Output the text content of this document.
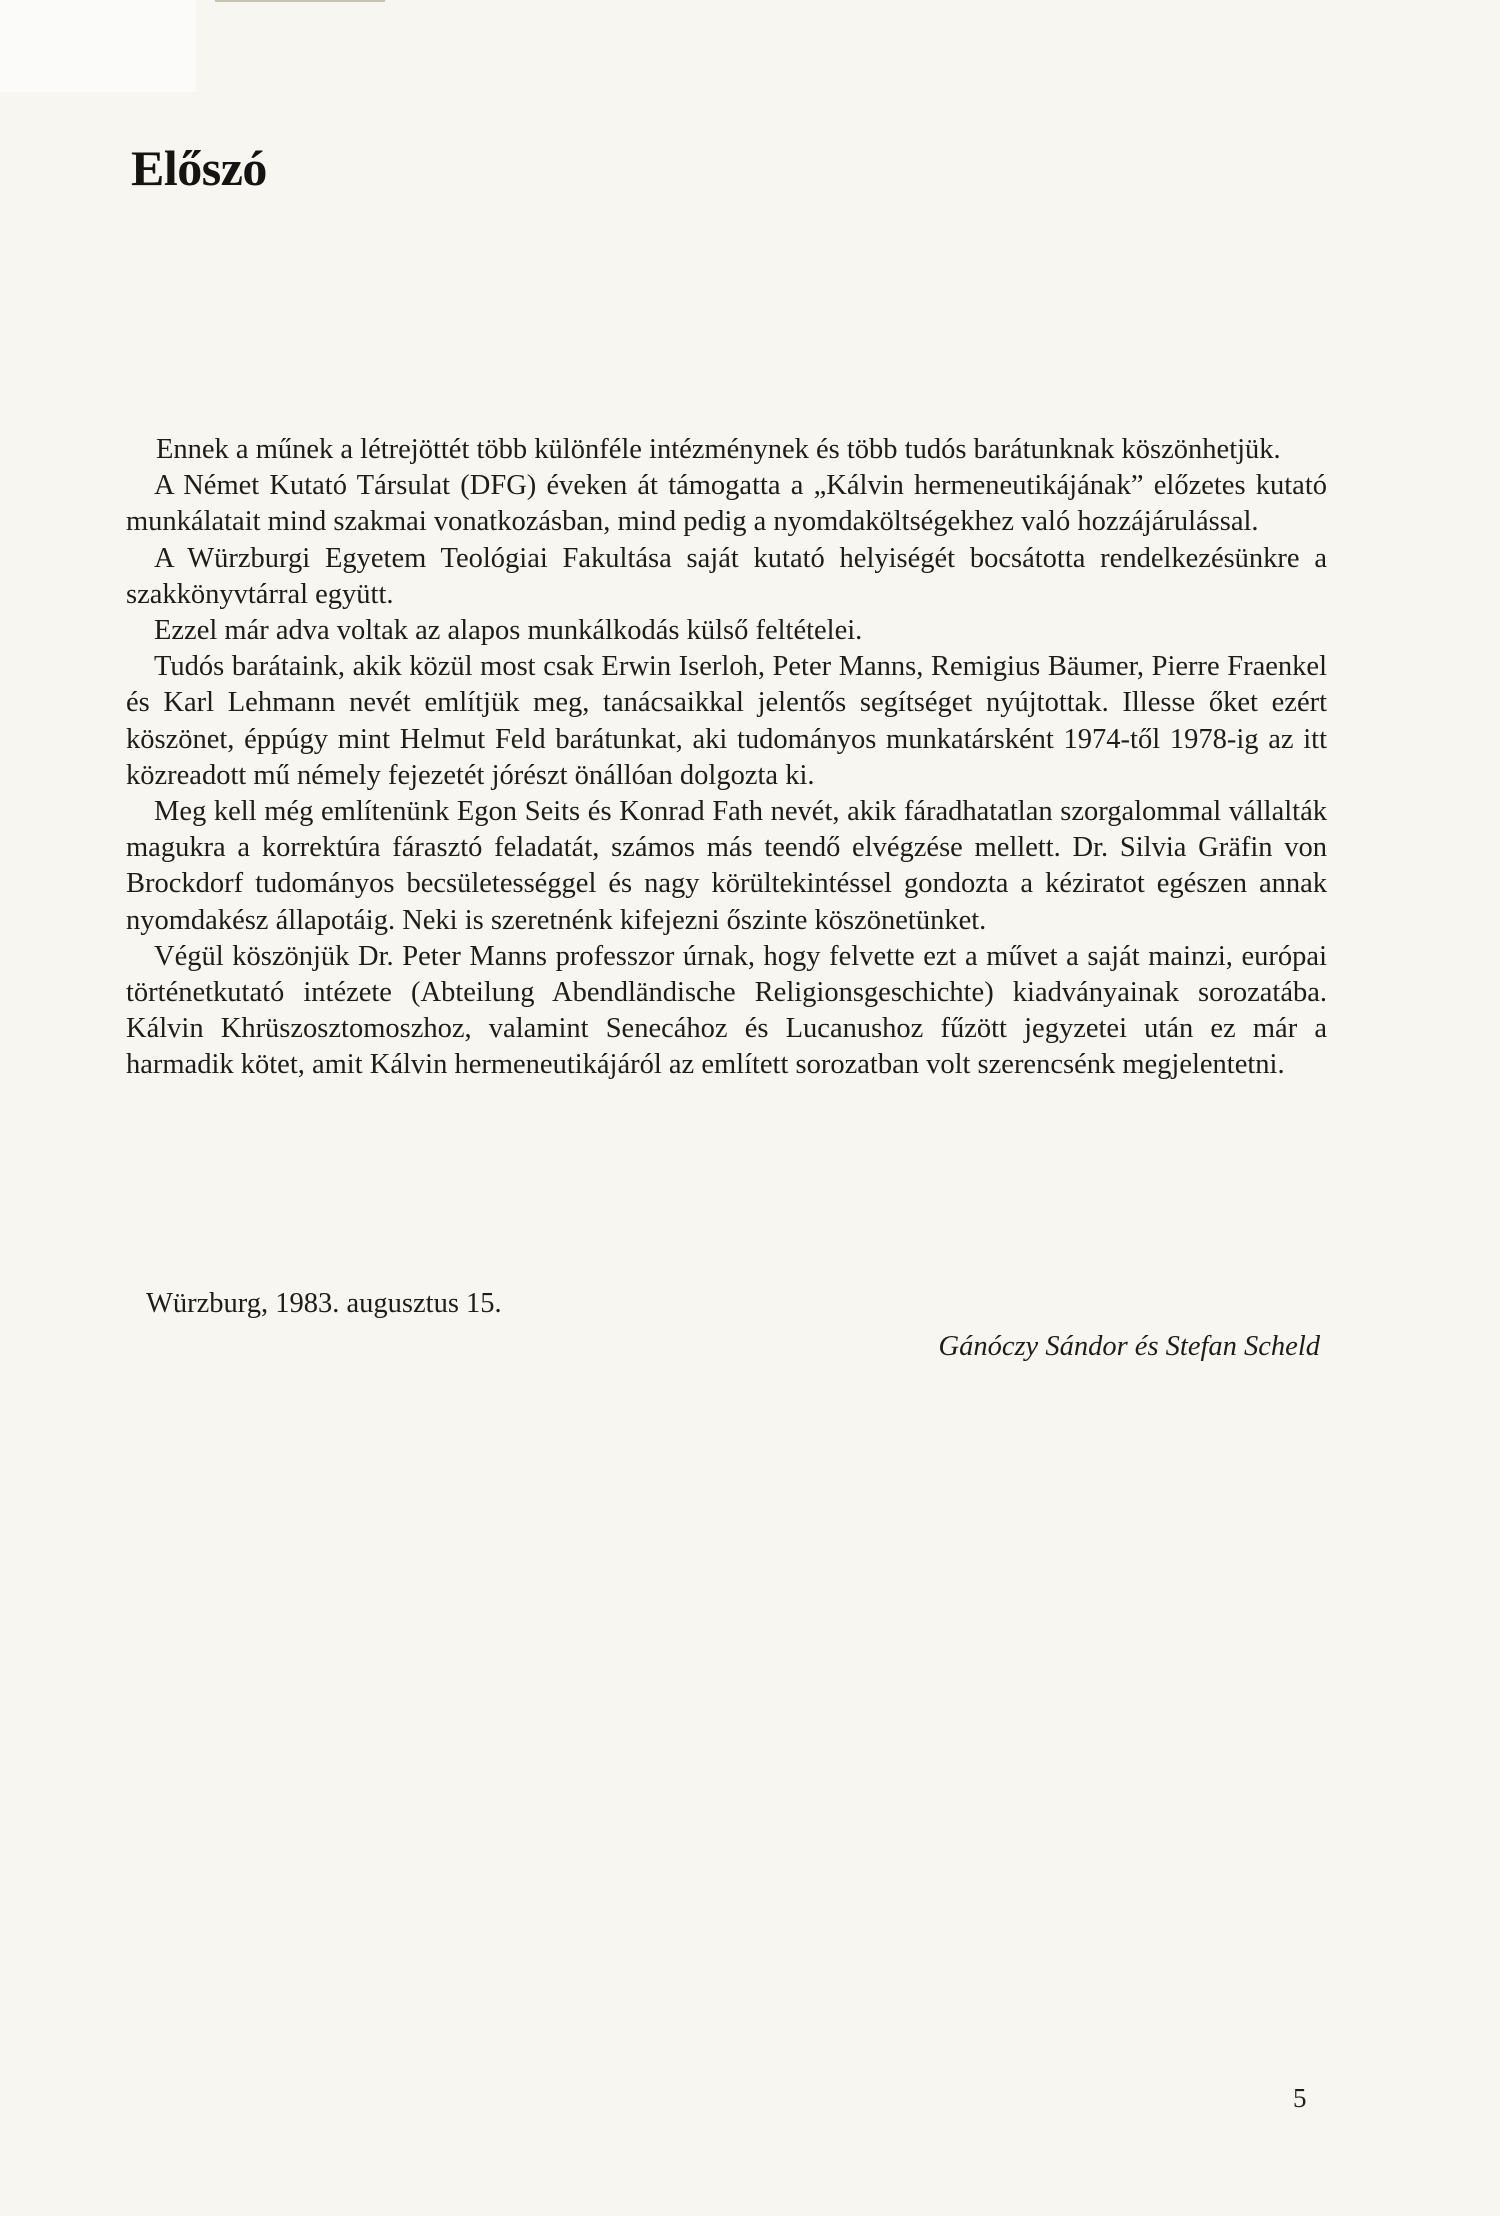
Előszó

Ennek a műnek a létrejöttét több különféle intézménynek és több tudós barátunknak köszönhetjük.

A Német Kutató Társulat (DFG) éveken át támogatta a „Kálvin hermeneutikájának” előzetes kutató munkálatait mind szakmai vonatkozásban, mind pedig a nyomdaköltségekhez való hozzájárulással.

A Würzburgi Egyetem Teológiai Fakultása saját kutató helyiségét bocsátotta rendelkezésünkre a szakkönyvtárral együtt.

Ezzel már adva voltak az alapos munkálkodás külső feltételei.

Tudós barátaink, akik közül most csak Erwin Iserloh, Peter Manns, Remigius Bäumer, Pierre Fraenkel és Karl Lehmann nevét említjük meg, tanácsaikkal jelentős segítséget nyújtottak. Illesse őket ezért köszönet, éppúgy mint Helmut Feld barátunkat, aki tudományos munkatársként 1974-től 1978-ig az itt közreadott mű némely fejezetét jórészt önállóan dolgozta ki.

Meg kell még említenünk Egon Seits és Konrad Fath nevét, akik fáradhatatlan szorgalommal vállalták magukra a korrektúra fárasztó feladatát, számos más teendő elvégzése mellett. Dr. Silvia Gräfin von Brockdorf tudományos becsületességgel és nagy körültekintéssel gondozta a kéziratot egészen annak nyomdakész állapotáig. Neki is szeretnénk kifejezni őszinte köszönetünket.

Végül köszönjük Dr. Peter Manns professzor úrnak, hogy felvette ezt a művet a saját mainzi, európai történetkutató intézete (Abteilung Abendländische Religionsgeschichte) kiadványainak sorozatába. Kálvin Khrüszosztomoszhoz, valamint Senecához és Lucanushoz fűzött jegyzetei után ez már a harmadik kötet, amit Kálvin hermeneutikájáról az említett sorozatban volt szerencsénk megjelentetni.

Würzburg, 1983. augusztus 15.

Gánóczy Sándor és Stefan Scheld

5
